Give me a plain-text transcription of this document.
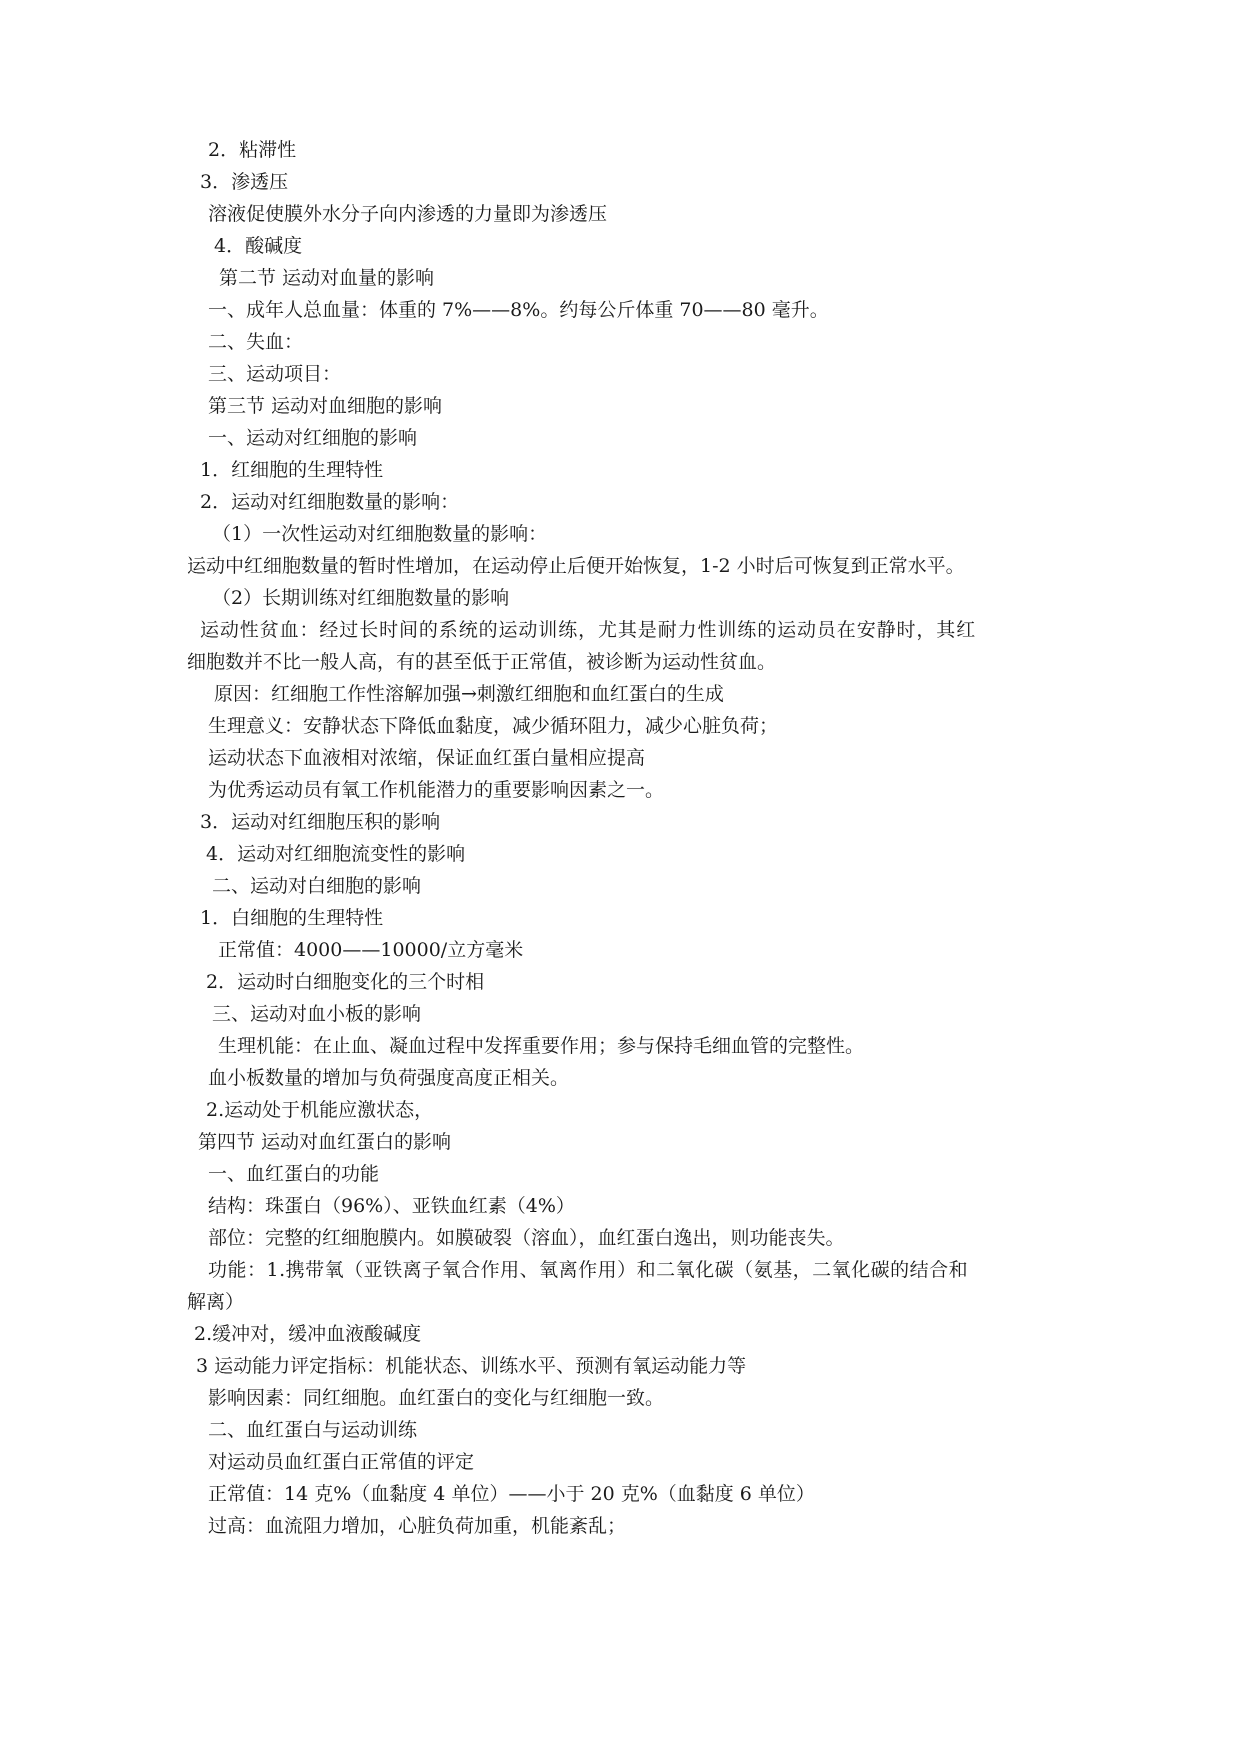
2．粘滞性
3．渗透压
溶液促使膜外水分子向内渗透的力量即为渗透压
4．酸碱度
第二节 运动对血量的影响
一、成年人总血量：体重的 7%——8%。约每公斤体重 70——80 毫升。
二、失血：
三、运动项目：
第三节 运动对血细胞的影响
一、运动对红细胞的影响
1．红细胞的生理特性
2．运动对红细胞数量的影响：
（1）一次性运动对红细胞数量的影响：
运动中红细胞数量的暂时性增加，在运动停止后便开始恢复，1-2 小时后可恢复到正常水平。
（2）长期训练对红细胞数量的影响
运动性贫血：经过长时间的系统的运动训练，尤其是耐力性训练的运动员在安静时，其红
细胞数并不比一般人高，有的甚至低于正常值，被诊断为运动性贫血。
原因：红细胞工作性溶解加强→刺激红细胞和血红蛋白的生成
生理意义：安静状态下降低血黏度，减少循环阻力，减少心脏负荷；
运动状态下血液相对浓缩，保证血红蛋白量相应提高
为优秀运动员有氧工作机能潜力的重要影响因素之一。
3．运动对红细胞压积的影响
4．运动对红细胞流变性的影响
二、运动对白细胞的影响
1．白细胞的生理特性
正常值：4000——10000/立方毫米
2．运动时白细胞变化的三个时相
三、运动对血小板的影响
生理机能：在止血、凝血过程中发挥重要作用；参与保持毛细血管的完整性。
血小板数量的增加与负荷强度高度正相关。
2.运动处于机能应激状态，
第四节 运动对血红蛋白的影响
一、血红蛋白的功能
结构：珠蛋白（96%）、亚铁血红素（4%）
部位：完整的红细胞膜内。如膜破裂（溶血），血红蛋白逸出，则功能丧失。
功能：1.携带氧（亚铁离子氧合作用、氧离作用）和二氧化碳（氨基，二氧化碳的结合和
解离）
2.缓冲对，缓冲血液酸碱度
3 运动能力评定指标：机能状态、训练水平、预测有氧运动能力等
影响因素：同红细胞。血红蛋白的变化与红细胞一致。
二、血红蛋白与运动训练
对运动员血红蛋白正常值的评定
正常值：14 克%（血黏度 4 单位）——小于 20 克%（血黏度 6 单位）
过高：血流阻力增加，心脏负荷加重，机能紊乱；
